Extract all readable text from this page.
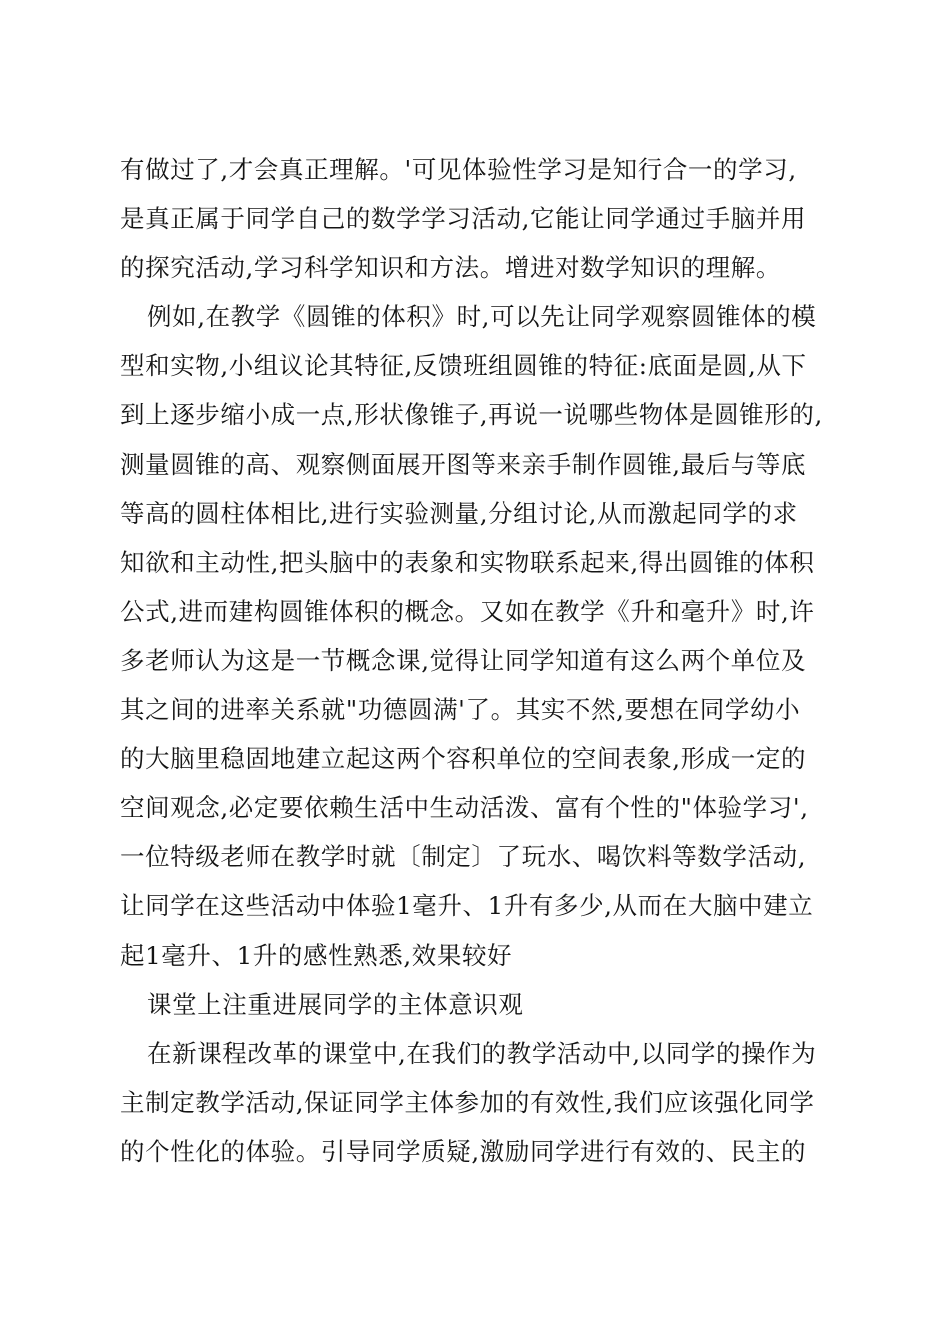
有做过了,才会真正理解。'可见体验性学习是知行合一的学习,
是真正属于同学自己的数学学习活动,它能让同学通过手脑并用
的探究活动,学习科学知识和方法。增进对数学知识的理解。
例如,在教学《圆锥的体积》时,可以先让同学观察圆锥体的模
型和实物,小组议论其特征,反馈班组圆锥的特征:底面是圆,从下
到上逐步缩小成一点,形状像锥子,再说一说哪些物体是圆锥形的,
测量圆锥的高、观察侧面展开图等来亲手制作圆锥,最后与等底
等高的圆柱体相比,进行实验测量,分组讨论,从而激起同学的求
知欲和主动性,把头脑中的表象和实物联系起来,得出圆锥的体积
公式,进而建构圆锥体积的概念。又如在教学《升和毫升》时,许
多老师认为这是一节概念课,觉得让同学知道有这么两个单位及
其之间的进率关系就"功德圆满'了。其实不然,要想在同学幼小
的大脑里稳固地建立起这两个容积单位的空间表象,形成一定的
空间观念,必定要依赖生活中生动活泼、富有个性的"体验学习',
一位特级老师在教学时就〔制定〕了玩水、喝饮料等数学活动,
让同学在这些活动中体验1毫升、1升有多少,从而在大脑中建立
起1毫升、1升的感性熟悉,效果较好
课堂上注重进展同学的主体意识观
在新课程改革的课堂中,在我们的教学活动中,以同学的操作为
主制定教学活动,保证同学主体参加的有效性,我们应该强化同学
的个性化的体验。引导同学质疑,激励同学进行有效的、民主的
